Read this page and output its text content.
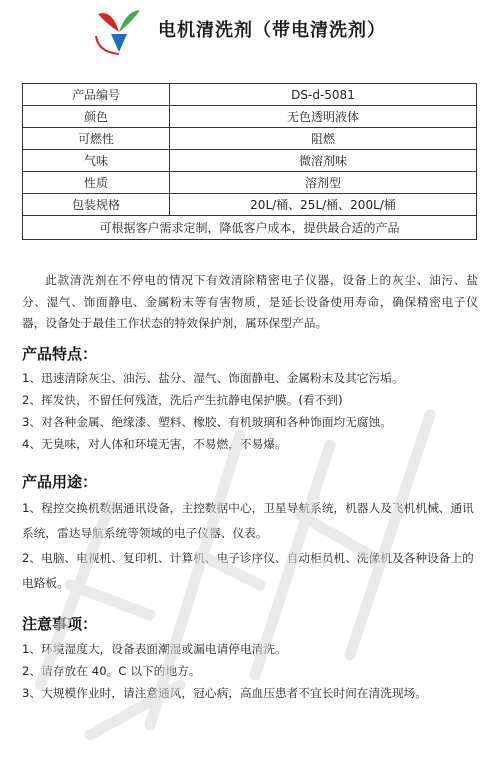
电机清洗剂（带电清洗剂）
产品编号	DS-d-5081
颜色	无色透明液体
可燃性	阻燃
气味	微溶剂味
性质	溶剂型
包装规格	20L/桶、25L/桶、200L/桶
可根据客户需求定制，降低客户成本，提供最合适的产品	

此款清洗剂在不停电的情况下有效清除精密电子仪器，设备上的灰尘、油污、盐分、湿气、饰面静电、金属粉末等有害物质，是延长设备使用寿命，确保精密电子仪器，设备处于最佳工作状态的特效保护剂，属环保型产品。

产品特点：

1、迅速清除灰尘、油污、盐分、湿气、饰面静电、金属粉末及其它污垢。

2、挥发快，不留任何残渣，洗后产生抗静电保护膜。(看不到)

3、对各种金属、绝缘漆、塑料、橡胶、有机玻璃和各种饰面均无腐蚀。

4、无臭味，对人体和环境无害，不易燃，不易爆。

产品用途：

1、程控交换机数据通讯设备，主控数据中心，卫星导航系统，机器人及飞机机械、通讯系统，雷达导航系统等领域的电子仪器、仪表。

2、电脑、电视机、复印机、计算机、电子诊序仪、自动柜员机、洗像机及各种设备上的电路板。

注意事项：

1、环境湿度大，设备表面潮湿或漏电请停电清洗。

2、请存放在 40。C 以下的地方。

3、大规模作业时，请注意通风，冠心病，高血压患者不宜长时间在清洗现场。
